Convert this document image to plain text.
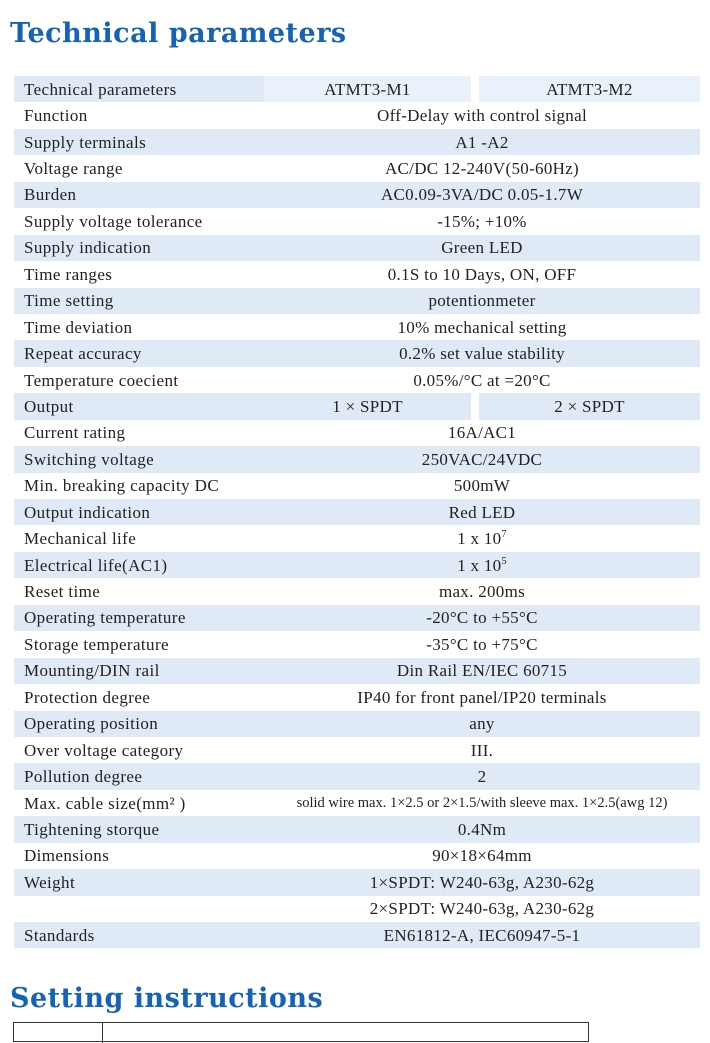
Technical parameters
Technical parameters	ATMT3-M1		ATMT3-M2
Function	Off-Delay with control signal		
Supply terminals	A1 -A2		
Voltage range	AC/DC 12-240V(50-60Hz)		
Burden	AC0.09-3VA/DC 0.05-1.7W		
Supply voltage tolerance	-15%; +10%		
Supply indication	Green LED		
Time ranges	0.1S to 10 Days, ON, OFF		
Time setting	potentionmeter		
Time deviation	10% mechanical setting		
Repeat accuracy	0.2% set value stability		
Temperature coecient	0.05%/°C at =20°C		
Output	1 × SPDT		2 × SPDT
Current rating	16A/AC1		
Switching voltage	250VAC/24VDC		
Min. breaking capacity DC	500mW		
Output indication	Red LED		
Mechanical life	1 x $10^7$
Electrical life(AC1)	1 x $10^5$
Reset time	max. 200ms		
Operating temperature	-20°C to +55°C		
Storage temperature	-35°C to +75°C		
Mounting/DIN rail	Din Rail EN/IEC 60715		
Protection degree	IP40 for front panel/IP20 terminals		
Operating position	any		
Over voltage category	III.		
Pollution degree	2		
Max. cable size(mm² )	solid wire max. 1×2.5 or 2×1.5/with sleeve max. 1×2.5(awg 12)		
Tightening storque	0.4Nm		
Dimensions	90×18×64mm		
Weight	1×SPDT: W240-63g, A230-62g		
	2×SPDT: W240-63g, A230-62g		
Standards	EN61812-A, IEC60947-5-1		
Setting instructions
